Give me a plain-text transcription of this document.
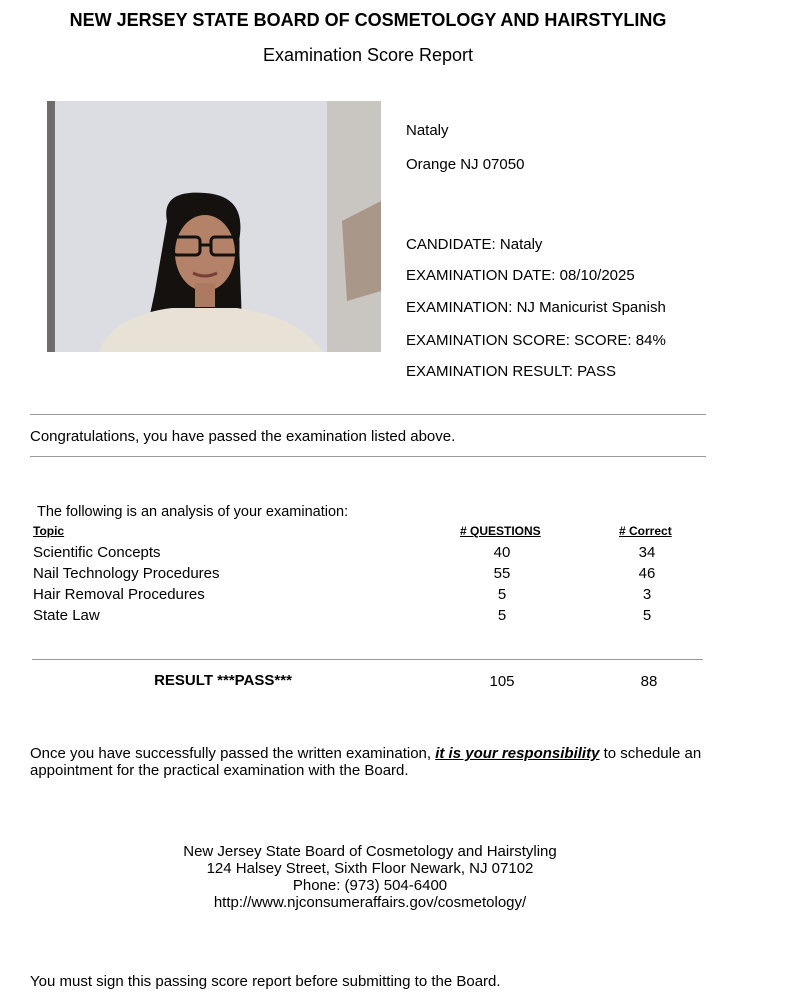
NEW JERSEY STATE BOARD OF COSMETOLOGY AND HAIRSTYLING
Examination Score Report
Nataly
Orange NJ 07050
CANDIDATE: Nataly
EXAMINATION DATE: 08/10/2025
EXAMINATION: NJ Manicurist Spanish
EXAMINATION SCORE: SCORE: 84%
EXAMINATION RESULT: PASS
Congratulations, you have passed the examination listed above.
The following is an analysis of your examination:
Topic	# QUESTIONS	# Correct
Scientific Concepts	40	34
Nail Technology Procedures	55	46
Hair Removal Procedures	5	3
State Law	5	5
RESULT ***PASS***	105	88
Once you have successfully passed the written examination, it is your responsibility to schedule an appointment for the practical examination with the Board.
New Jersey State Board of Cosmetology and Hairstyling
124 Halsey Street, Sixth Floor Newark, NJ 07102
Phone: (973) 504-6400
http://www.njconsumeraffairs.gov/cosmetology/
You must sign this passing score report before submitting to the Board.
